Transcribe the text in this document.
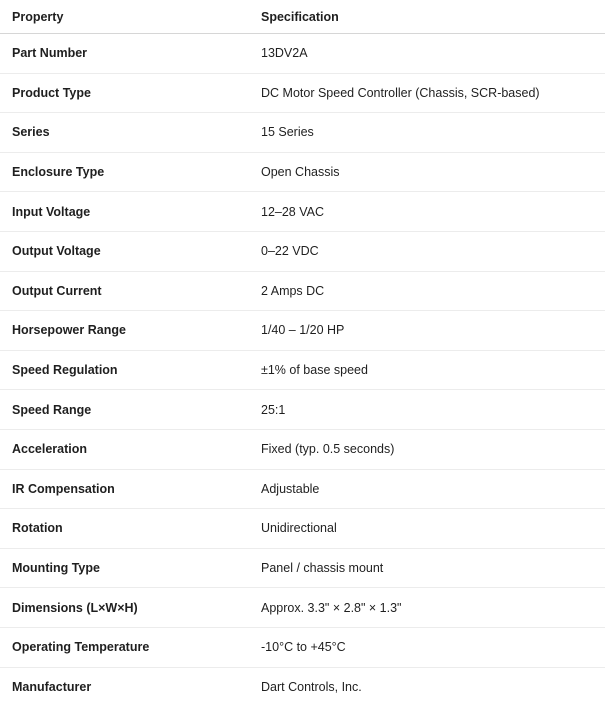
Property	Specification
Part Number	13DV2A
Product Type	DC Motor Speed Controller (Chassis, SCR-based)
Series	15 Series
Enclosure Type	Open Chassis
Input Voltage	12–28 VAC
Output Voltage	0–22 VDC
Output Current	2 Amps DC
Horsepower Range	1/40 – 1/20 HP
Speed Regulation	±1% of base speed
Speed Range	25:1
Acceleration	Fixed (typ. 0.5 seconds)
IR Compensation	Adjustable
Rotation	Unidirectional
Mounting Type	Panel / chassis mount
Dimensions (L×W×H)	Approx. 3.3" × 2.8" × 1.3"
Operating Temperature	-10°C to +45°C
Manufacturer	Dart Controls, Inc.
